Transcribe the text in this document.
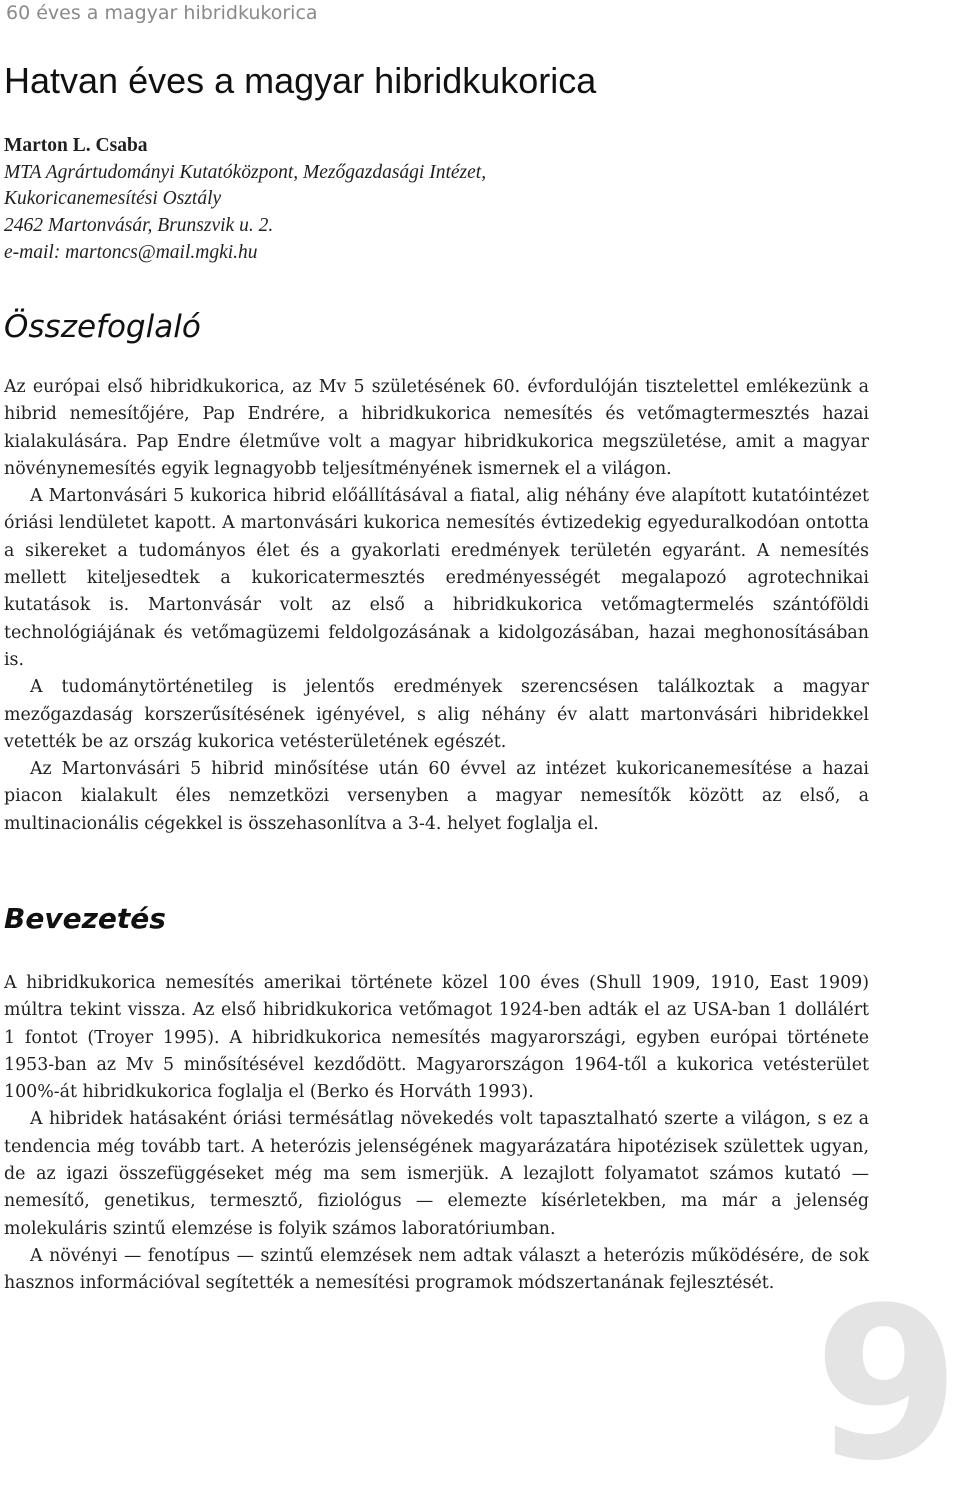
60 éves a magyar hibridkukorica
Hatvan éves a magyar hibridkukorica
Marton L. Csaba
MTA Agrártudományi Kutatóközpont, Mezőgazdasági Intézet,
Kukoricanemesítési Osztály
2462 Martonvásár, Brunszvik u. 2.
e-mail: martoncs@mail.mgki.hu
Összefoglaló

Az európai első hibridkukorica, az Mv 5 születésének 60. évfordulóján tisztelettel emlékezünk a hibrid nemesítőjére, Pap Endrére, a hibridkukorica nemesítés és vetőmagtermesztés hazai kialakulására. Pap Endre életműve volt a magyar hibridkukorica megszületése, amit a magyar növénynemesítés egyik legnagyobb teljesítményének ismernek el a világon.

A Martonvásári 5 kukorica hibrid előállításával a fiatal, alig néhány éve alapított kutatóintézet óriási lendületet kapott. A martonvásári kukorica nemesítés évtizedekig egyeduralkodóan ontotta a sikereket a tudományos élet és a gyakorlati eredmények területén egyaránt. A nemesítés mellett kiteljesedtek a kukoricatermesztés eredményességét megalapozó agrotechnikai kutatások is. Martonvásár volt az első a hibridkukorica vetőmagtermelés szántóföldi technológiájának és vetőmagüzemi feldolgozásának a kidolgozásában, hazai meghonosításában is.

A tudománytörténetileg is jelentős eredmények szerencsésen találkoztak a magyar mezőgazdaság korszerűsítésének igényével, s alig néhány év alatt martonvásári hibridekkel vetették be az ország kukorica vetésterületének egészét.

Az Martonvásári 5 hibrid minősítése után 60 évvel az intézet kukoricanemesítése a hazai piacon kialakult éles nemzetközi versenyben a magyar nemesítők között az első, a multinacionális cégekkel is összehasonlítva a 3-4. helyet foglalja el.

Bevezetés

A hibridkukorica nemesítés amerikai története közel 100 éves (Shull 1909, 1910, East 1909) múltra tekint vissza. Az első hibridkukorica vetőmagot 1924-ben adták el az USA-ban 1 dollálért 1 fontot (Troyer 1995). A hibridkukorica nemesítés magyarországi, egyben európai története 1953-ban az Mv 5 minősítésével kezdődött. Magyarországon 1964-től a kukorica vetésterület 100%-át hibridkukorica foglalja el (Berko és Horváth 1993).

A hibridek hatásaként óriási termésátlag növekedés volt tapasztalható szerte a világon, s ez a tendencia még tovább tart. A heterózis jelenségének magyarázatára hipotézisek születtek ugyan, de az igazi összefüggéseket még ma sem ismerjük. A lezajlott folyamatot számos kutató — nemesítő, genetikus, termesztő, fiziológus — elemezte kísérletekben, ma már a jelenség molekuláris szintű elemzése is folyik számos laboratóriumban.

A növényi — fenotípus — szintű elemzések nem adtak választ a heterózis működésére, de sok hasznos információval segítették a nemesítési programok módszertanának fejlesztését. 9
